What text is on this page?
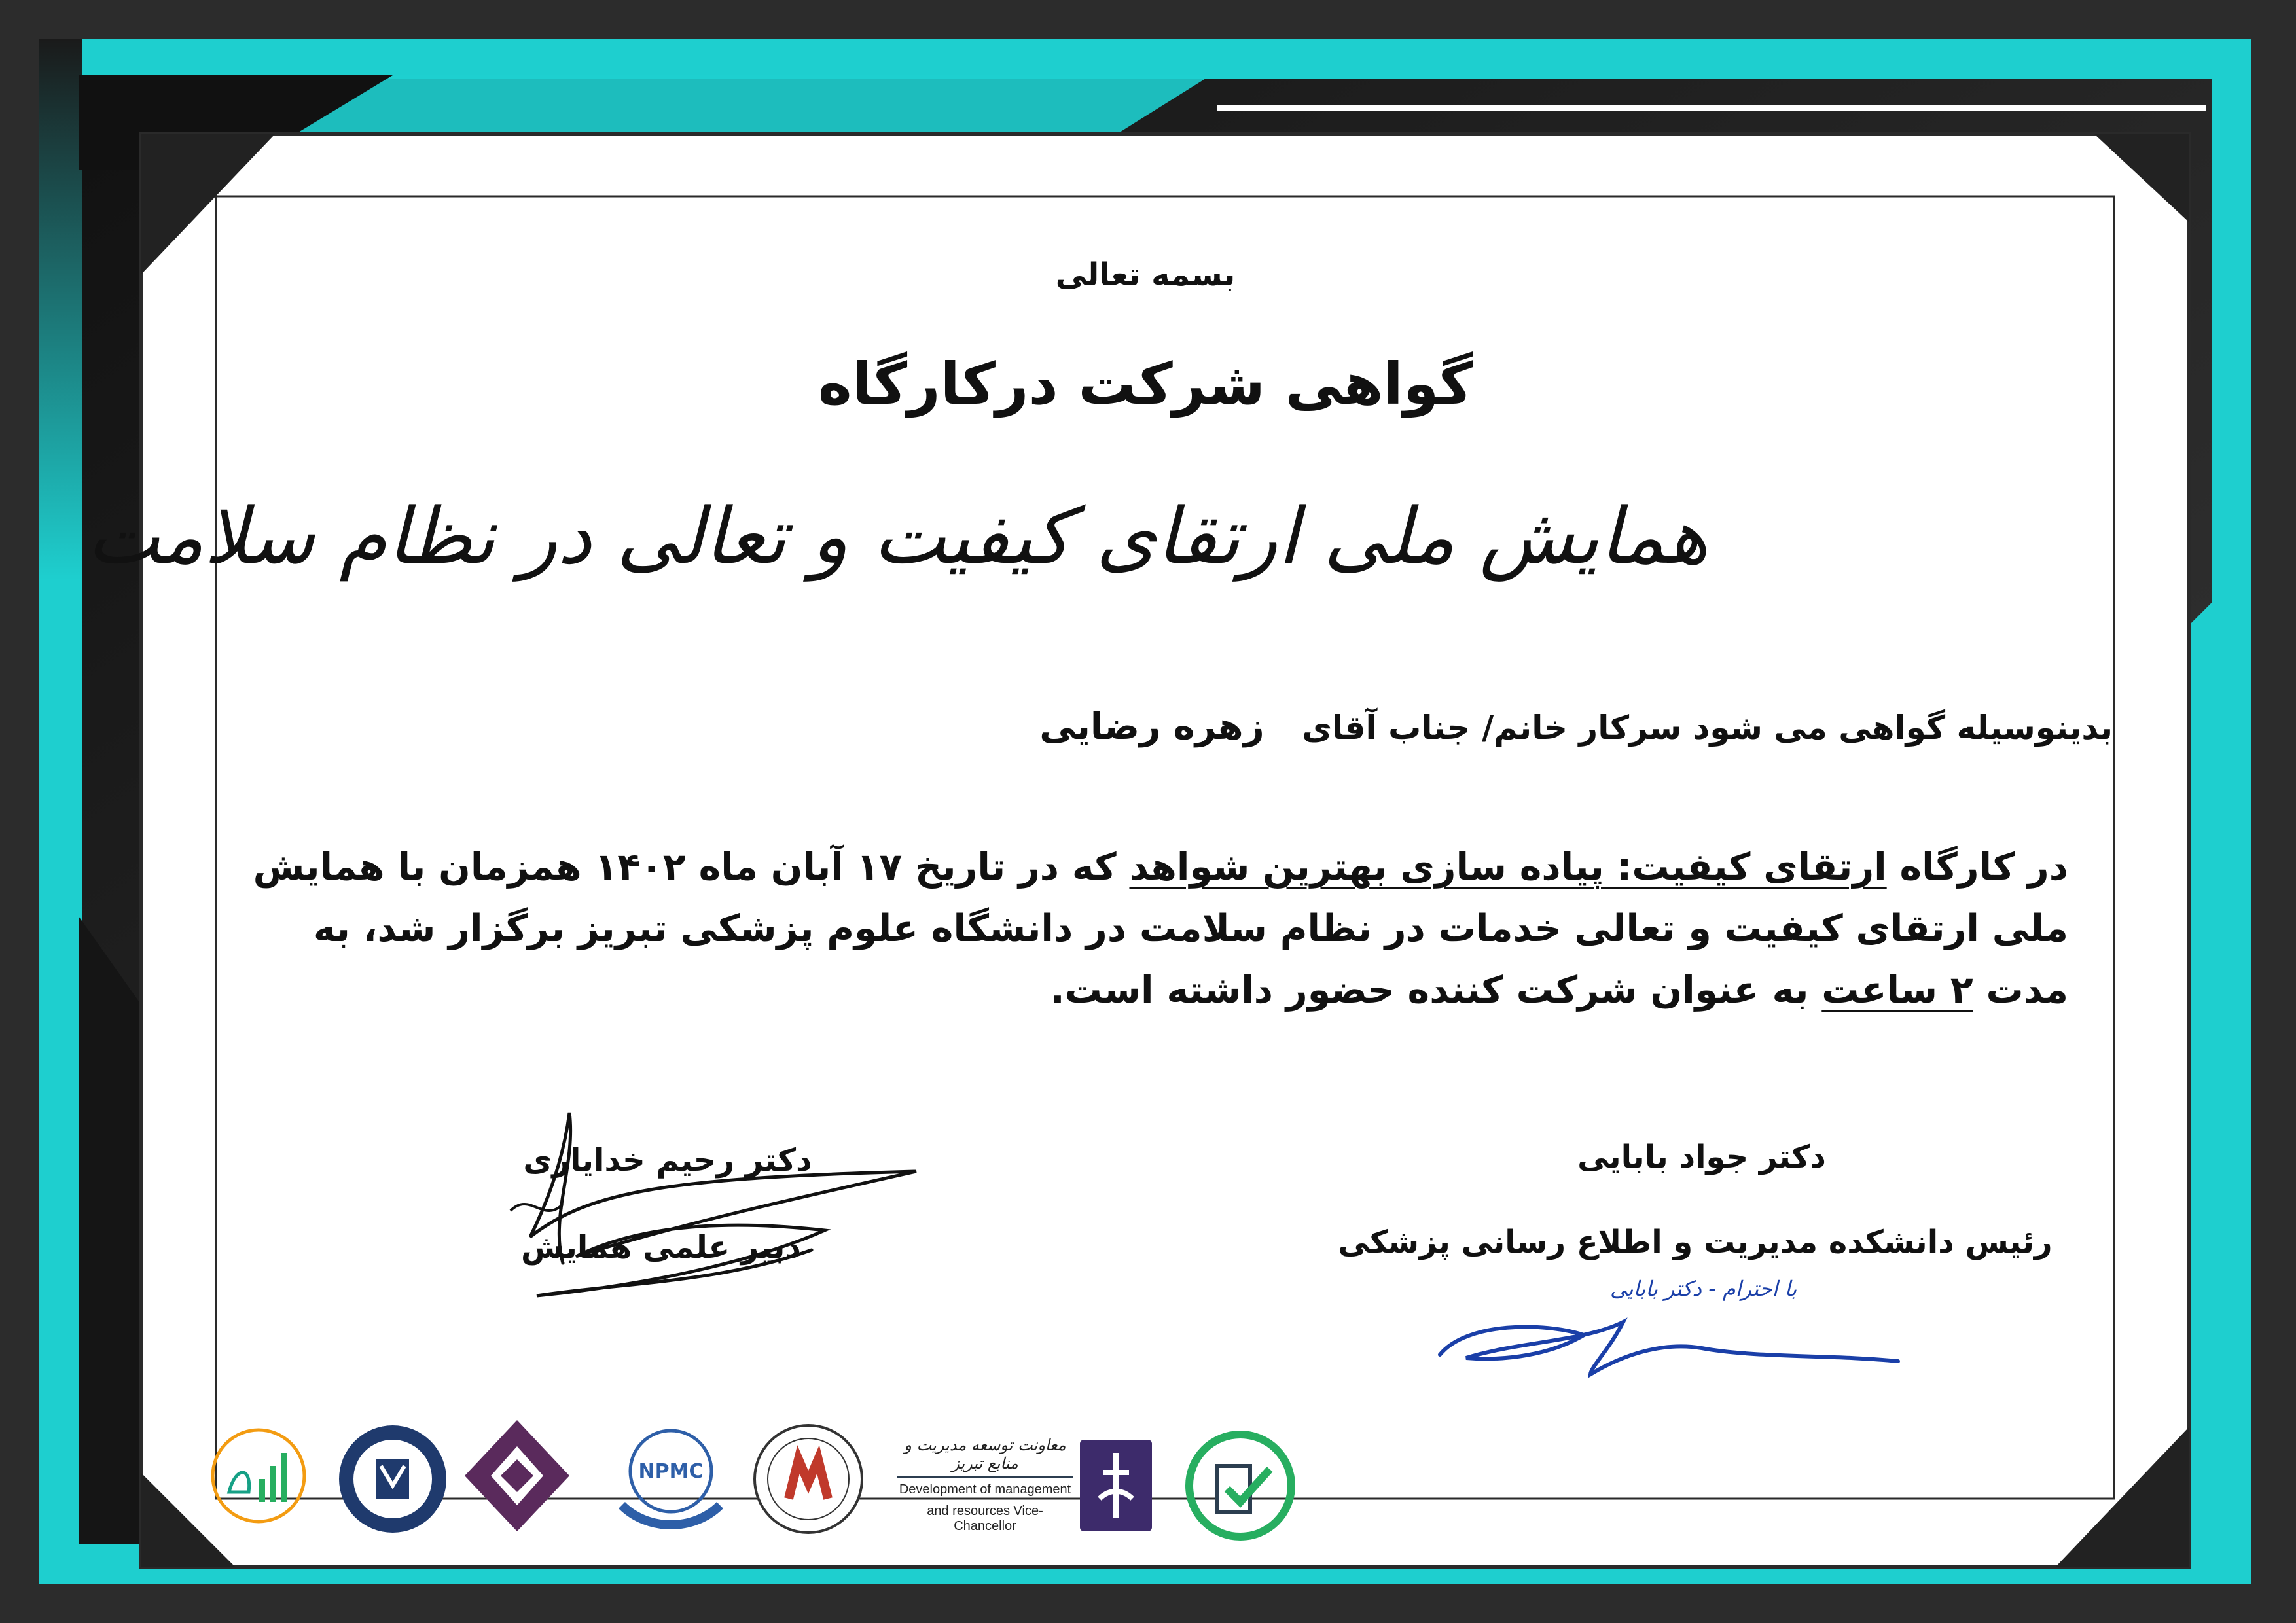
بسمه تعالی
گواهی شرکت درکارگاه
همایش ملی ارتقای کیفیت و تعالی در نظام سلامت
بدینوسیله گواهی می شود سرکار خانم/ جناب آقای زهره رضایی
در کارگاه ارتقای کیفیت: پیاده سازی بهترین شواهد که در تاریخ ۱۷ آبان ماه ۱۴۰۲ همزمان با همایش ملی ارتقای کیفیت و تعالی خدمات در نظام سلامت در دانشگاه علوم پزشکی تبریز برگزار شد، به مدت ۲ ساعت به عنوان شرکت کننده حضور داشته است.
دکتر رحیم خدایاری
دبیر علمی همایش
دکتر جواد بابایی
رئیس دانشکده مدیریت و اطلاع رسانی پزشکی
با احترام - دکتر بابایی
NPMC
معاونت توسعه مدیریت و منابع تبریز
Development of management
and resources Vice-Chancellor
